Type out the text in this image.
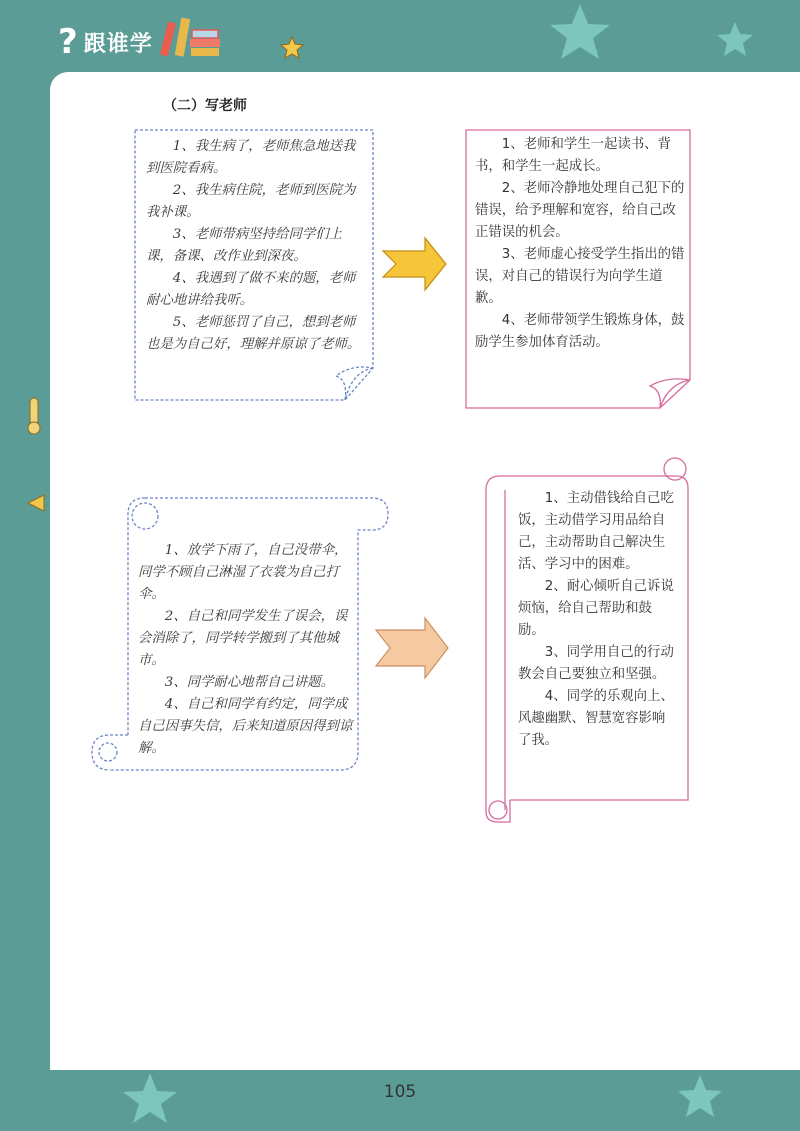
? 跟谁学
（二）写老师

1、我生病了，老师焦急地送我到医院看病。

2、我生病住院，老师到医院为我补课。

3、老师带病坚持给同学们上课，备课、改作业到深夜。

4、我遇到了做不来的题，老师耐心地讲给我听。

5、老师惩罚了自己，想到老师也是为自己好，理解并原谅了老师。

1、老师和学生一起读书、背书，和学生一起成长。

2、老师冷静地处理自己犯下的错误，给予理解和宽容，给自己改正错误的机会。

3、老师虚心接受学生指出的错误，对自己的错误行为向学生道歉。

4、老师带领学生锻炼身体，鼓励学生参加体育活动。

1、放学下雨了，自己没带伞，同学不顾自己淋湿了衣裳为自己打伞。

2、自己和同学发生了误会，误会消除了，同学转学搬到了其他城市。

3、同学耐心地帮自己讲题。

4、自己和同学有约定，同学成自己因事失信，后来知道原因得到谅解。

1、主动借钱给自己吃饭，主动借学习用品给自己，主动帮助自己解决生活、学习中的困难。

2、耐心倾听自己诉说烦恼，给自己帮助和鼓励。

3、同学用自己的行动教会自己要独立和坚强。

4、同学的乐观向上、风趣幽默、智慧宽容影响了我。

105
